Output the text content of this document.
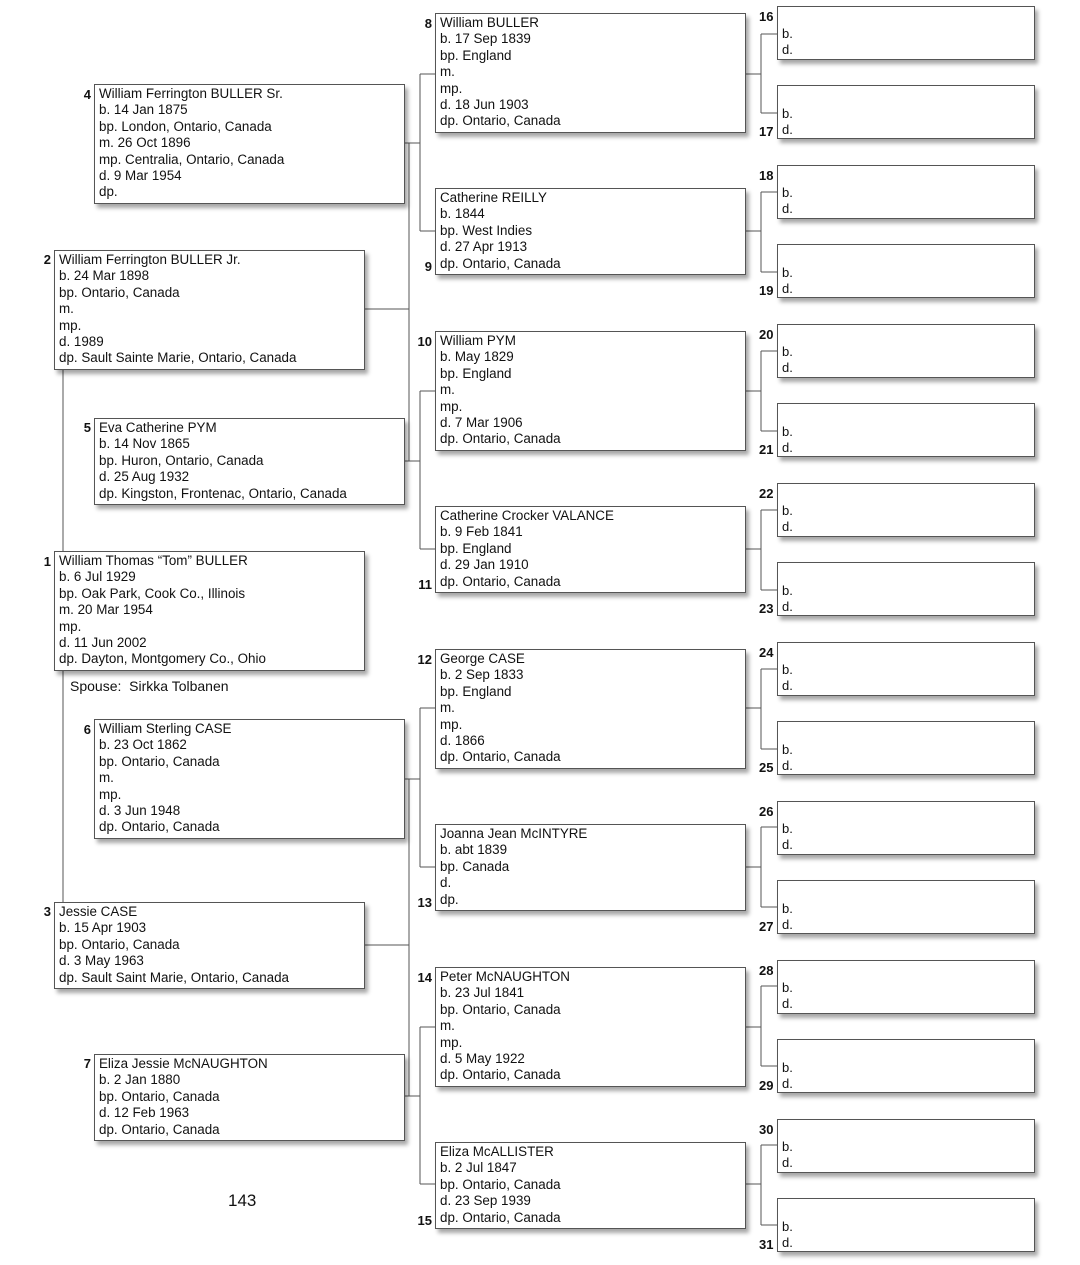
1 William Thomas “Tom” BULLER
b. 6 Jul 1929
bp. Oak Park, Cook Co., Illinois
m. 20 Mar 1954
mp.
d. 11 Jun 2002
dp. Dayton, Montgomery Co., Ohio
Spouse: Sirkka Tolbanen
2 William Ferrington BULLER Jr.
b. 24 Mar 1898
bp. Ontario, Canada
m.
mp.
d. 1989
dp. Sault Sainte Marie, Ontario, Canada
3 Jessie CASE
b. 15 Apr 1903
bp. Ontario, Canada
d. 3 May 1963
dp. Sault Saint Marie, Ontario, Canada
4 William Ferrington BULLER Sr.
b. 14 Jan 1875
bp. London, Ontario, Canada
m. 26 Oct 1896
mp. Centralia, Ontario, Canada
d. 9 Mar 1954
dp.
5 Eva Catherine PYM
b. 14 Nov 1865
bp. Huron, Ontario, Canada
d. 25 Aug 1932
dp. Kingston, Frontenac, Ontario, Canada
6 William Sterling CASE
b. 23 Oct 1862
bp. Ontario, Canada
m.
mp.
d. 3 Jun 1948
dp. Ontario, Canada
7 Eliza Jessie McNAUGHTON
b. 2 Jan 1880
bp. Ontario, Canada
d. 12 Feb 1963
dp. Ontario, Canada
8 William BULLER
b. 17 Sep 1839
bp. England
m.
mp.
d. 18 Jun 1903
dp. Ontario, Canada
Catherine REILLY
b. 1844
bp. West Indies
d. 27 Apr 1913
dp. Ontario, Canada
9
10 William PYM
b. May 1829
bp. England
m.
mp.
d. 7 Mar 1906
dp. Ontario, Canada
Catherine Crocker VALANCE
b. 9 Feb 1841
bp. England
d. 29 Jan 1910
dp. Ontario, Canada
11
12 George CASE
b. 2 Sep 1833
bp. England
m.
mp.
d. 1866
dp. Ontario, Canada
Joanna Jean McINTYRE
b. abt 1839
bp. Canada
d.
dp.
13
14 Peter McNAUGHTON
b. 23 Jul 1841
bp. Ontario, Canada
m.
mp.
d. 5 May 1922
dp. Ontario, Canada
Eliza McALLISTER
b. 2 Jul 1847
bp. Ontario, Canada
d. 23 Sep 1939
dp. Ontario, Canada
15
16
b.
d.
b.
d.
17
18
b.
d.
b.
d.
19
20
b.
d.
b.
d.
21
22
b.
d.
b.
d.
23
24
b.
d.
b.
d.
25
26
b.
d.
b.
d.
27
28
b.
d.
b.
d.
29
30
b.
d.
b.
d.
31
143
